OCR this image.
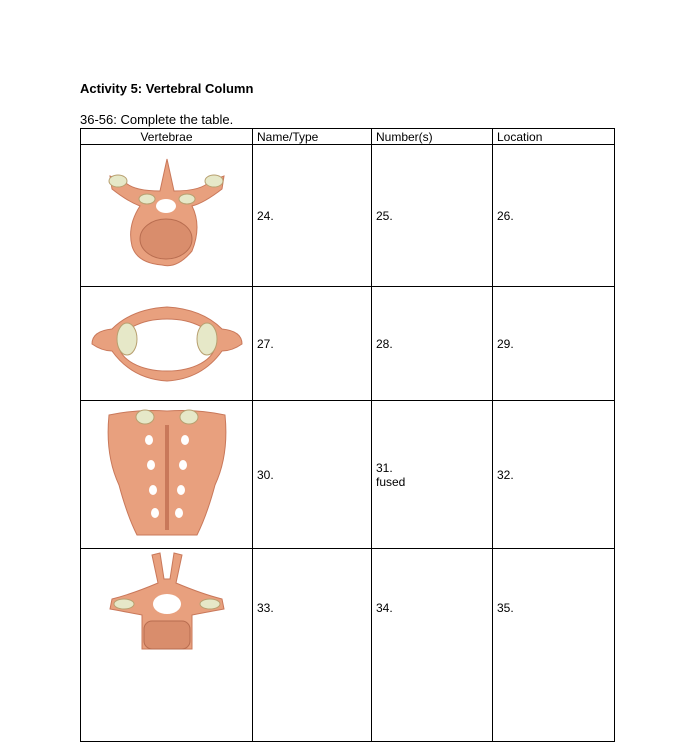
Activity 5: Vertebral Column
36-56: Complete the table.
Vertebrae	Name/Type	Number(s)	Location

	24.	25.	26.

	27.	28.	29.

	30.	31.
fused	32.

	33.	34.	35.
